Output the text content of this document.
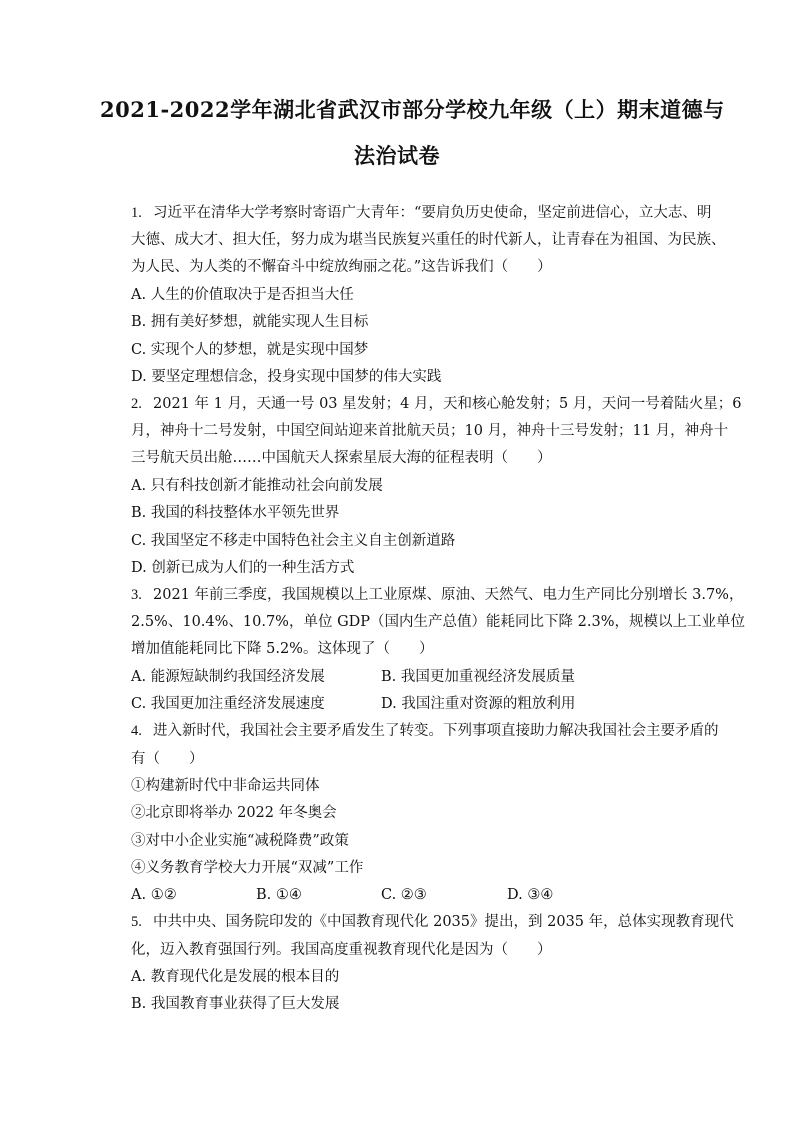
2021-2022学年湖北省武汉市部分学校九年级（上）期末道德与
法治试卷
1. 习近平在清华大学考察时寄语广大青年：“要肩负历史使命，坚定前进信心，立大志、明
大德、成大才、担大任，努力成为堪当民族复兴重任的时代新人，让青春在为祖国、为民族、
为人民、为人类的不懈奋斗中绽放绚丽之花。”这告诉我们（　　）
A. 人生的价值取决于是否担当大任
B. 拥有美好梦想，就能实现人生目标
C. 实现个人的梦想，就是实现中国梦
D. 要坚定理想信念，投身实现中国梦的伟大实践
2. 2021 年 1 月，天通一号 03 星发射；4 月，天和核心舱发射；5 月，天问一号着陆火星；6
月，神舟十二号发射，中国空间站迎来首批航天员；10 月，神舟十三号发射；11 月，神舟十
三号航天员出舱……中国航天人探索星辰大海的征程表明（　　）
A. 只有科技创新才能推动社会向前发展
B. 我国的科技整体水平领先世界
C. 我国坚定不移走中国特色社会主义自主创新道路
D. 创新已成为人们的一种生活方式
3. 2021 年前三季度，我国规模以上工业原煤、原油、天然气、电力生产同比分别增长 3.7%，
2.5%、10.4%、10.7%，单位 GDP（国内生产总值）能耗同比下降 2.3%，规模以上工业单位
增加值能耗同比下降 5.2%。这体现了（　　）
A. 能源短缺制约我国经济发展	B. 我国更加重视经济发展质量
C. 我国更加注重经济发展速度	D. 我国注重对资源的粗放利用
4. 进入新时代，我国社会主要矛盾发生了转变。下列事项直接助力解决我国社会主要矛盾的
有（　　）
①构建新时代中非命运共同体
②北京即将举办 2022 年冬奥会
③对中小企业实施“减税降费”政策
④义务教育学校大力开展“双减”工作
A. ①②	B. ①④	C. ②③	D. ③④
5. 中共中央、国务院印发的《中国教育现代化 2035》提出，到 2035 年，总体实现教育现代
化，迈入教育强国行列。我国高度重视教育现代化是因为（　　）
A. 教育现代化是发展的根本目的
B. 我国教育事业获得了巨大发展
